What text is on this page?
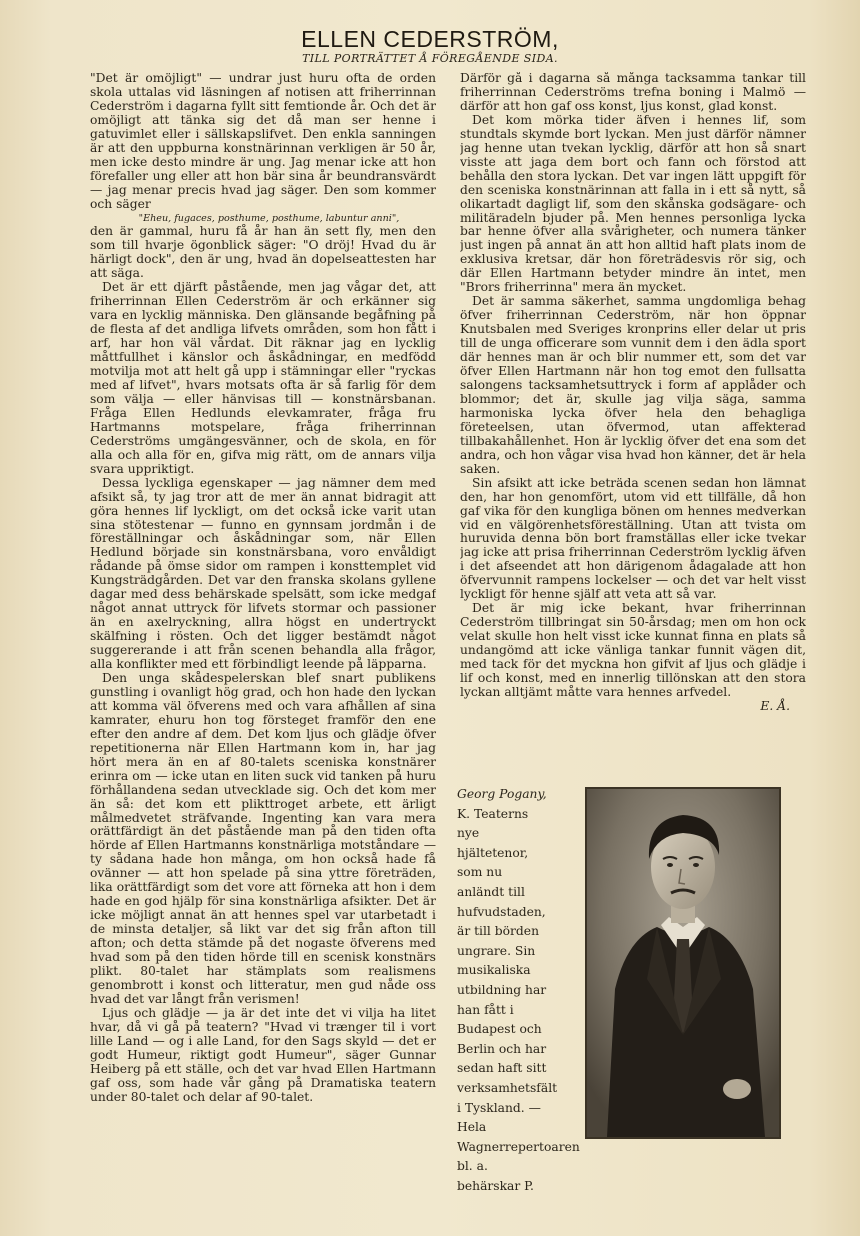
ELLEN CEDERSTRÖM,
TILL PORTRÄTTET Å FÖREGÅENDE SIDA.

"Det är omöjligt" — undrar just huru ofta de orden skola uttalas vid läsningen af notisen att friherrinnan Cederström i dagarna fyllt sitt femtionde år. Och det är omöjligt att tänka sig det då man ser henne i gatuvimlet eller i sällskapslifvet. Den enkla sanningen är att den uppburna konstnärinnan verkligen är 50 år, men icke desto mindre är ung. Jag menar icke att hon förefaller ung eller att hon bär sina år beundransvärdt — jag menar precis hvad jag säger. Den som kommer och säger

"Eheu, fugaces, posthume, posthume, labuntur anni",

den är gammal, huru få år han än sett fly, men den som till hvarje ögonblick säger: "O dröj! Hvad du är härligt dock", den är ung, hvad än dopelseattesten har att säga.

Det är ett djärft påstående, men jag vågar det, att friherrinnan Ellen Cederström är och erkänner sig vara en lycklig människa. Den glänsande begåfning på de flesta af det andliga lifvets områden, som hon fått i arf, har hon väl vårdat. Dit räknar jag en lycklig måttfullhet i känslor och åskådningar, en medfödd motvilja mot att helt gå upp i stämningar eller "ryckas med af lifvet", hvars motsats ofta är så farlig för dem som välja — eller hänvisas till — konstnärsbanan. Fråga Ellen Hedlunds elevkamrater, fråga fru Hartmanns motspelare, fråga friherrinnan Cederströms umgängesvänner, och de skola, en för alla och alla för en, gifva mig rätt, om de annars vilja svara uppriktigt.

Dessa lyckliga egenskaper — jag nämner dem med afsikt så, ty jag tror att de mer än annat bidragit att göra hennes lif lyckligt, om det också icke varit utan sina stötestenar — funno en gynnsam jordmån i de föreställningar och åskådningar som, när Ellen Hedlund började sin konstnärsbana, voro envåldigt rådande på ömse sidor om rampen i konsttemplet vid Kungsträdgården. Det var den franska skolans gyllene dagar med dess behärskade spelsätt, som icke medgaf något annat uttryck för lifvets stormar och passioner än en axelryckning, allra högst en undertryckt skälfning i rösten. Och det ligger bestämdt något suggererande i att från scenen behandla alla frågor, alla konflikter med ett förbindligt leende på läpparna.

Den unga skådespelerskan blef snart publikens gunstling i ovanligt hög grad, och hon hade den lyckan att komma väl öfverens med och vara afhållen af sina kamrater, ehuru hon tog försteget framför den ene efter den andre af dem. Det kom ljus och glädje öfver repetitionerna när Ellen Hartmann kom in, har jag hört mera än en af 80-talets sceniska konstnärer erinra om — icke utan en liten suck vid tanken på huru förhållandena sedan utvecklade sig. Och det kom mer än så: det kom ett plikttroget arbete, ett ärligt målmedvetet sträfvande. Ingenting kan vara mera orättfärdigt än det påstående man på den tiden ofta hörde af Ellen Hartmanns konstnärliga motståndare — ty sådana hade hon många, om hon också hade få ovänner — att hon spelade på sina yttre företräden, lika orättfärdigt som det vore att förneka att hon i dem hade en god hjälp för sina konstnärliga afsikter. Det är icke möjligt annat än att hennes spel var utarbetadt i de minsta detaljer, så likt var det sig från afton till afton; och detta stämde på det nogaste öfverens med hvad som på den tiden hörde till en scenisk konstnärs plikt. 80-talet har stämplats som realismens genombrott i konst och litteratur, men gud nåde oss hvad det var långt från verismen!

Ljus och glädje — ja är det inte det vi vilja ha litet hvar, då vi gå på teatern? "Hvad vi trænger til i vort lille Land — og i alle Land, for den Sags skyld — det er godt Humeur, riktigt godt Humeur", säger Gunnar Heiberg på ett ställe, och det var hvad Ellen Hartmann gaf oss, som hade vår gång på Dramatiska teatern under 80-talet och delar af 90-talet.

Därför gå i dagarna så många tacksamma tankar till friherrinnan Cederströms trefna boning i Malmö — därför att hon gaf oss konst, ljus konst, glad konst.

Det kom mörka tider äfven i hennes lif, som stundtals skymde bort lyckan. Men just därför nämner jag henne utan tvekan lycklig, därför att hon så snart visste att jaga dem bort och fann och förstod att behålla den stora lyckan. Det var ingen lätt uppgift för den sceniska konstnärinnan att falla in i ett så nytt, så olikartadt dagligt lif, som den skånska godsägare- och militäradeln bjuder på. Men hennes personliga lycka bar henne öfver alla svårigheter, och numera tänker just ingen på annat än att hon alltid haft plats inom de exklusiva kretsar, där hon företrädesvis rör sig, och där Ellen Hartmann betyder mindre än intet, men "Brors friherrinna" mera än mycket.

Det är samma säkerhet, samma ungdomliga behag öfver friherrinnan Cederström, när hon öppnar Knutsbalen med Sveriges kronprins eller delar ut pris till de unga officerare som vunnit dem i den ädla sport där hennes man är och blir nummer ett, som det var öfver Ellen Hartmann när hon tog emot den fullsatta salongens tacksamhetsuttryck i form af applåder och blommor; det är, skulle jag vilja säga, samma harmoniska lycka öfver hela den behagliga företeelsen, utan öfvermod, utan affekterad tillbakahållenhet. Hon är lycklig öfver det ena som det andra, och hon vågar visa hvad hon känner, det är hela saken.

Sin afsikt att icke beträda scenen sedan hon lämnat den, har hon genomfört, utom vid ett tillfälle, då hon gaf vika för den kungliga bönen om hennes medverkan vid en välgörenhetsföreställning. Utan att tvista om huruvida denna bön bort framställas eller icke tvekar jag icke att prisa friherrinnan Cederström lycklig äfven i det afseendet att hon därigenom ådagalade att hon öfvervunnit rampens lockelser — och det var helt visst lyckligt för henne själf att veta att så var.

Det är mig icke bekant, hvar friherrinnan Cederström tillbringat sin 50-årsdag; men om hon ock velat skulle hon helt visst icke kunnat finna en plats så undangömd att icke vänliga tankar funnit vägen dit, med tack för det myckna hon gifvit af ljus och glädje i lif och konst, med en innerlig tillönskan att den stora lyckan alltjämt måtte vara hennes arfvedel.

E. Å.

Georg Pogany, K. Teaterns nye hjältetenor, som nu anländt till hufvudstaden, är till börden ungrare. Sin musikaliska utbildning har han fått i Budapest och Berlin och har sedan haft sitt verksamhetsfält i Tyskland. — Hela Wagnerrepertoaren bl. a. behärskar P.
